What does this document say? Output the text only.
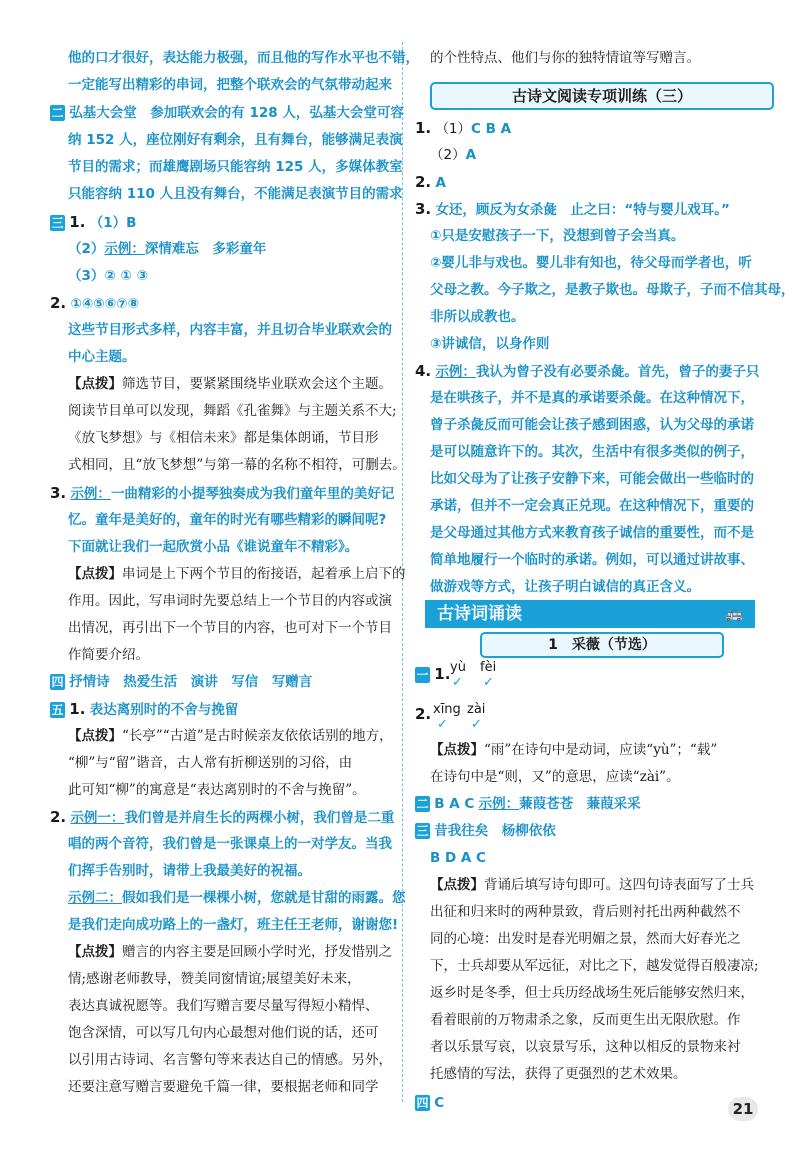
他的口才很好，表达能力极强，而且他的写作水平也不错，
一定能写出精彩的串词，把整个联欢会的气氛带动起来
二 弘基大会堂　参加联欢会的有 128 人，弘基大会堂可容
纳 152 人，座位刚好有剩余，且有舞台，能够满足表演
节目的需求；而雄鹰剧场只能容纳 125 人，多媒体教室
只能容纳 110 人且没有舞台，不能满足表演节目的需求
三 1. （1）B
（2）示例：深情难忘　多彩童年
（3）② ① ③
2. ①④⑤⑥⑦⑧
这些节目形式多样，内容丰富，并且切合毕业联欢会的
中心主题。
【点拨】筛选节目，要紧紧围绕毕业联欢会这个主题。
阅读节目单可以发现，舞蹈《孔雀舞》与主题关系不大;
《放飞梦想》与《相信未来》都是集体朗诵，节目形
式相同，且“放飞梦想”与第一幕的名称不相符，可删去。
3. 示例：一曲精彩的小提琴独奏成为我们童年里的美好记
忆。童年是美好的，童年的时光有哪些精彩的瞬间呢?
下面就让我们一起欣赏小品《谁说童年不精彩》。
【点拨】串词是上下两个节目的衔接语，起着承上启下的
作用。因此，写串词时先要总结上一个节目的内容或演
出情况，再引出下一个节目的内容，也可对下一个节目
作简要介绍。
四 抒情诗　热爱生活　演讲　写信　写赠言
五 1. 表达离别时的不舍与挽留
【点拨】“长亭”“古道”是古时候亲友依依话别的地方，
“柳”与“留”谐音，古人常有折柳送别的习俗，由
此可知“柳”的寓意是“表达离别时的不舍与挽留”。
2. 示例一：我们曾是并肩生长的两棵小树，我们曾是二重
唱的两个音符，我们曾是一张课桌上的一对学友。当我
们挥手告别时，请带上我最美好的祝福。
示例二：假如我们是一棵棵小树，您就是甘甜的雨露。您
是我们走向成功路上的一盏灯，班主任王老师，谢谢您!
【点拨】赠言的内容主要是回顾小学时光，抒发惜别之
情;感谢老师教导，赞美同窗情谊;展望美好未来，
表达真诚祝愿等。我们写赠言要尽量写得短小精悍、
饱含深情，可以写几句内心最想对他们说的话，还可
以引用古诗词、名言警句等来表达自己的情感。另外，
还要注意写赠言要避免千篇一律，要根据老师和同学
的个性特点、他们与你的独特情谊等写赠言。
古诗文阅读专项训练（三）
1. （1）C B A
（2）A
2. A
3. 女还，顾反为女杀彘　止之曰：“特与婴儿戏耳。”
①只是安慰孩子一下，没想到曾子会当真。
②婴儿非与戏也。婴儿非有知也，待父母而学者也，听
父母之教。今子欺之，是教子欺也。母欺子，子而不信其母，
非所以成教也。
③讲诚信，以身作则
4. 示例：我认为曾子没有必要杀彘。首先，曾子的妻子只
是在哄孩子，并不是真的承诺要杀彘。在这种情况下，
曾子杀彘反而可能会让孩子感到困惑，认为父母的承诺
是可以随意许下的。其次，生活中有很多类似的例子，
比如父母为了让孩子安静下来，可能会做出一些临时的
承诺，但并不一定会真正兑现。在这种情况下，重要的
是父母通过其他方式来教育孩子诚信的重要性，而不是
简单地履行一个临时的承诺。例如，可以通过讲故事、
做游戏等方式，让孩子明白诚信的真正含义。
古诗词诵读	🚌
1　采薇（节选）
一 1. yù fèi
✓ ✓
2. xīng zài
✓ ✓
【点拨】“雨”在诗句中是动词，应读“yù”；“载”
在诗句中是“则，又”的意思，应读“zài”。
二 B A C 示例：蒹葭苍苍　蒹葭采采
三 昔我往矣　杨柳依依
B D A C
【点拨】背诵后填写诗句即可。这四句诗表面写了士兵
出征和归来时的两种景致，背后则衬托出两种截然不
同的心境：出发时是春光明媚之景，然而大好春光之
下，士兵却要从军远征，对比之下，越发觉得百般凄凉;
返乡时是冬季，但士兵历经战场生死后能够安然归来，
看着眼前的万物肃杀之象，反而更生出无限欣慰。作
者以乐景写哀，以哀景写乐，这种以相反的景物来衬
托感情的写法，获得了更强烈的艺术效果。
四 C	21
